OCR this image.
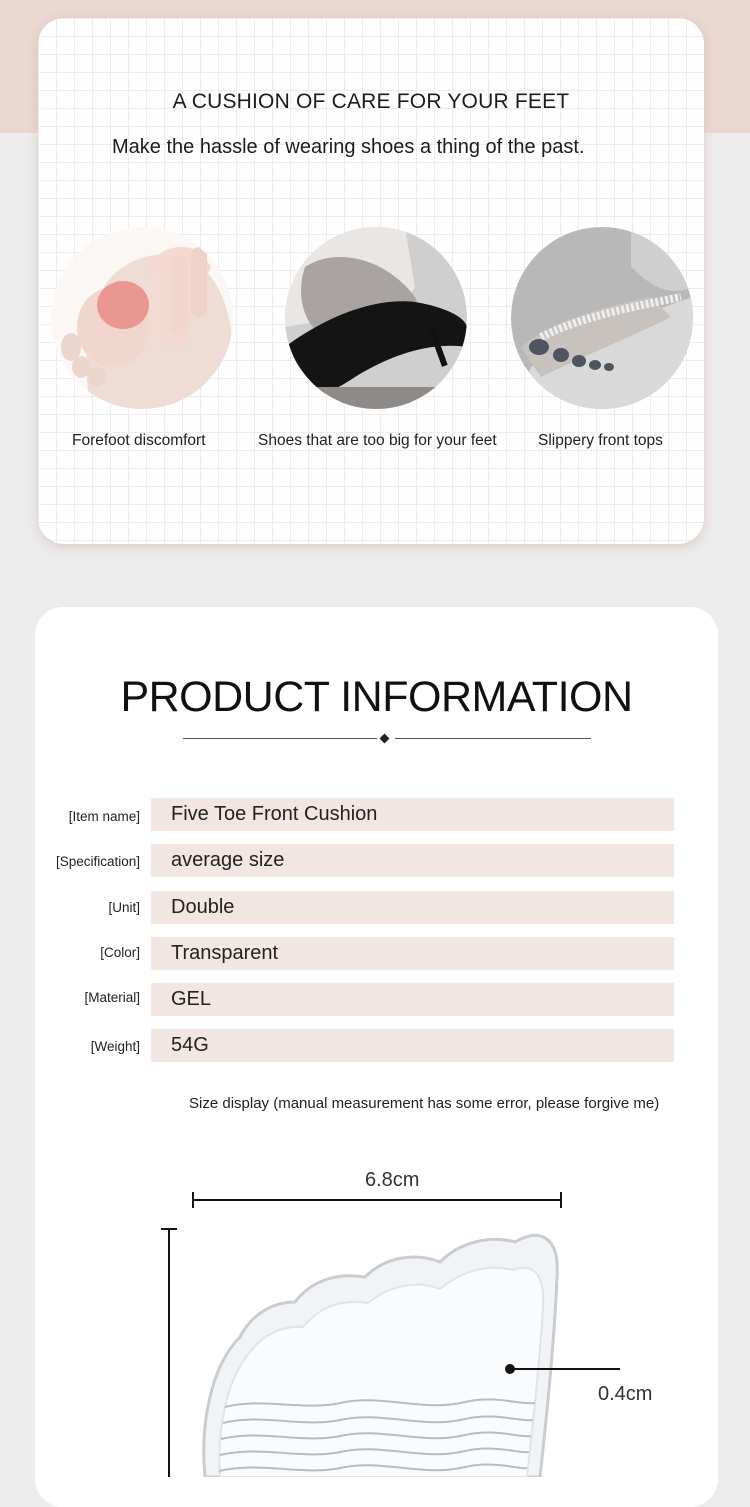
A CUSHION OF CARE FOR YOUR FEET
Make the hassle of wearing shoes a thing of the past.
Forefoot discomfort	Shoes that are too big for your feet	Slippery front tops
PRODUCT INFORMATION
[Item name] Five Toe Front Cushion
[Specification] average size
[Unit] Double
[Color] Transparent
[Material] GEL
[Weight] 54G
Size display (manual measurement has some error, please forgive me)
6.8cm
0.4cm
